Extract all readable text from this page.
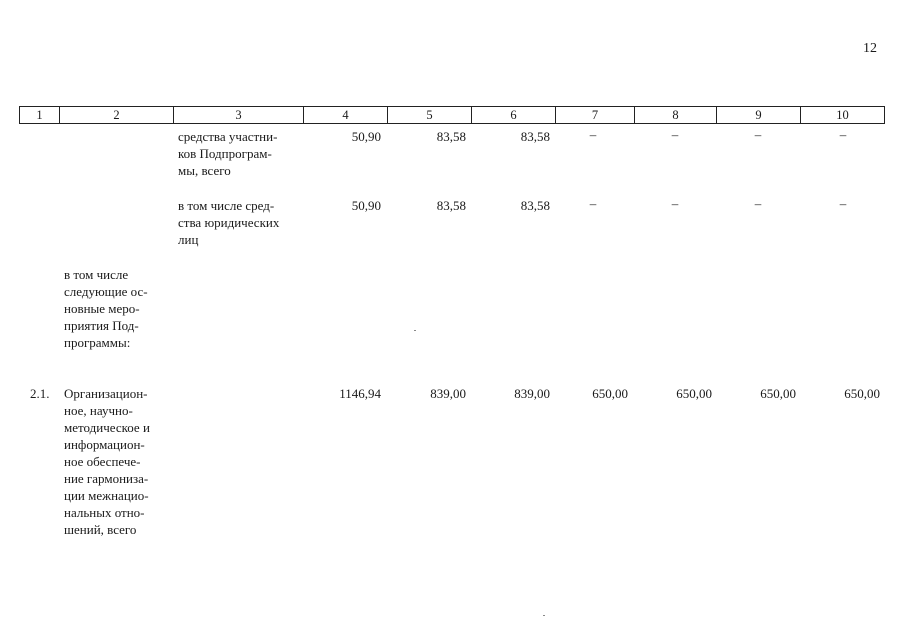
12
1	2	3	4	5	6	7	8	9	10
средства участни-
ков Подпрограм-
мы, всего
50,90	83,58	83,58	–	–	–	–
в том числе сред-
ства юридических
лиц
50,90	83,58	83,58	–	–	–	–
в том числе
следующие ос-
новные меро-
приятия Под-
программы:
2.1. Организацион-
ное, научно-
методическое и
информацион-
ное обеспече-
ние гармониза-
ции межнацио-
нальных отно-
шений, всего
1146,94	839,00	839,00	650,00	650,00	650,00	650,00
